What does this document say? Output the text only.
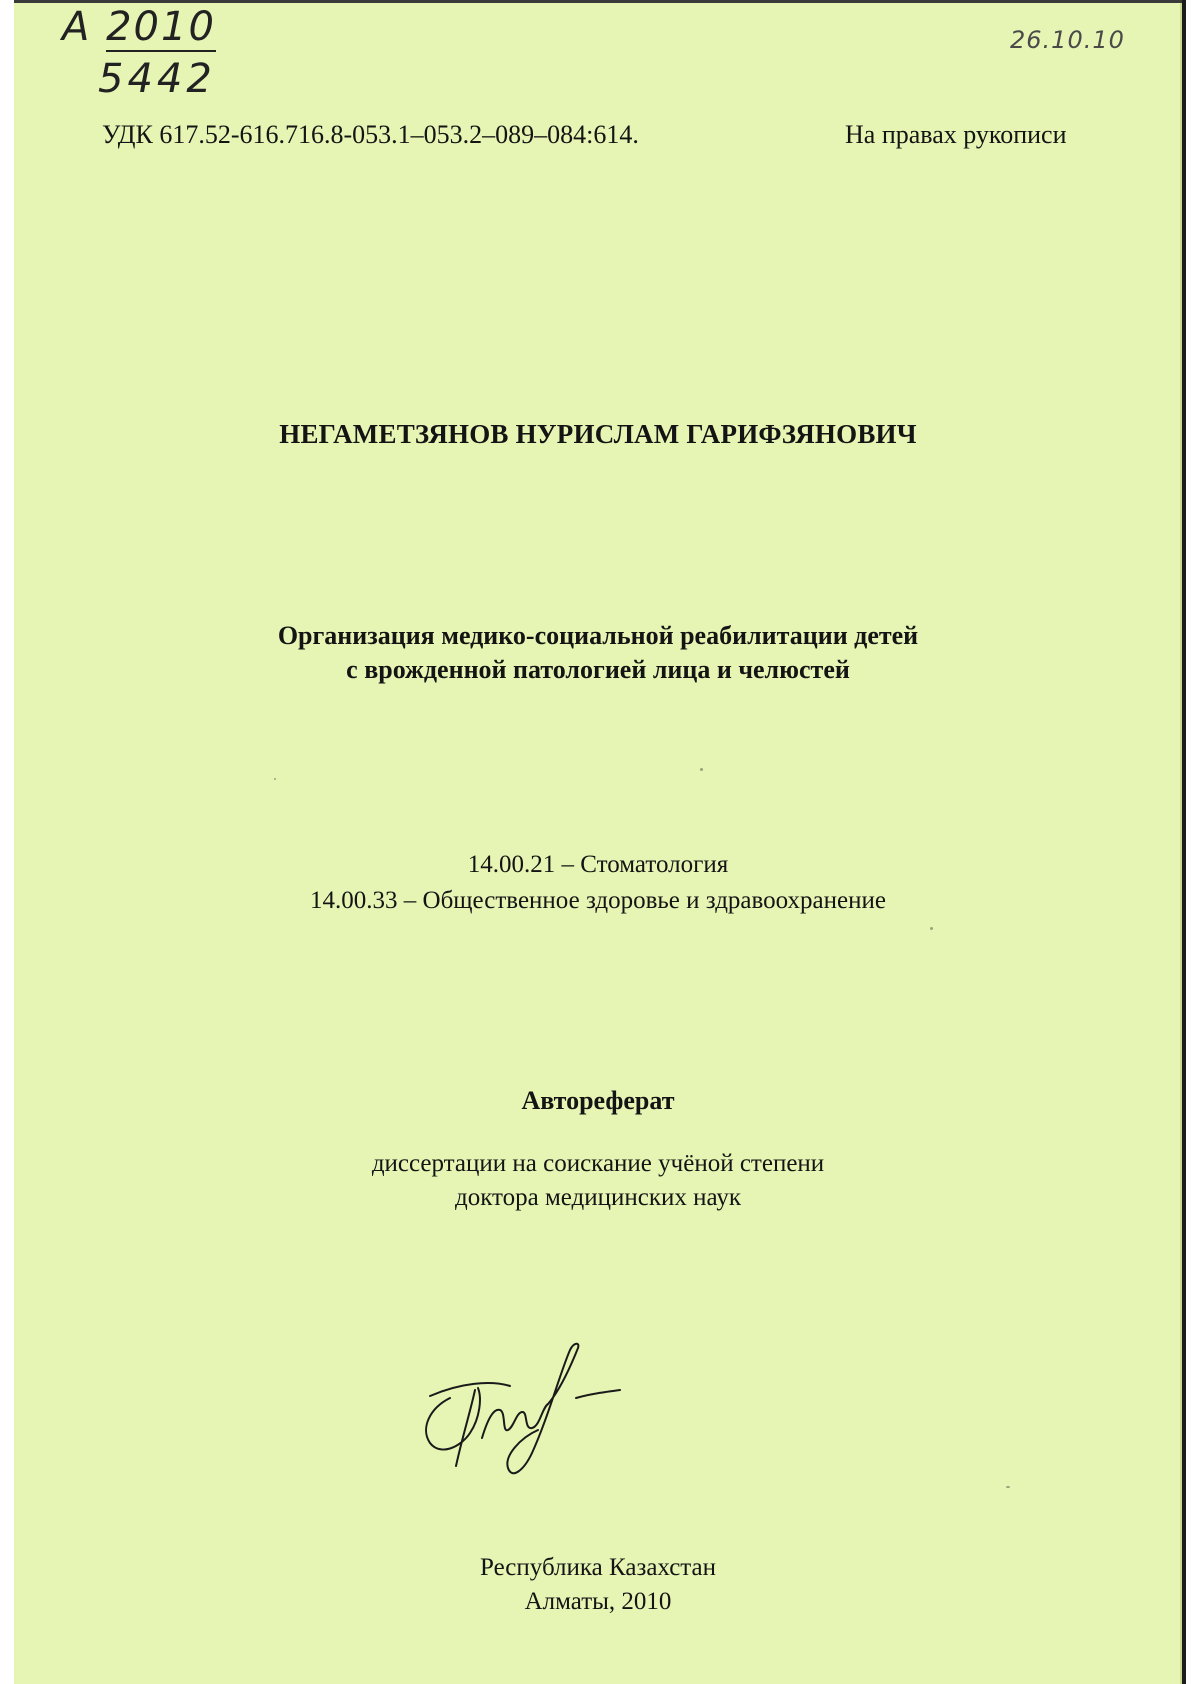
А 2010
5442
26.10.10
УДК 617.52-616.716.8-053.1–053.2–089–084:614.	На правах рукописи
НЕГАМЕТЗЯНОВ НУРИСЛАМ ГАРИФЗЯНОВИЧ
Организация медико-социальной реабилитации детей
с врожденной патологией лица и челюстей
14.00.21 – Стоматология
14.00.33 – Общественное здоровье и здравоохранение
Автореферат
диссертации на соискание учёной степени
доктора медицинских наук
Республика Казахстан
Алматы, 2010
